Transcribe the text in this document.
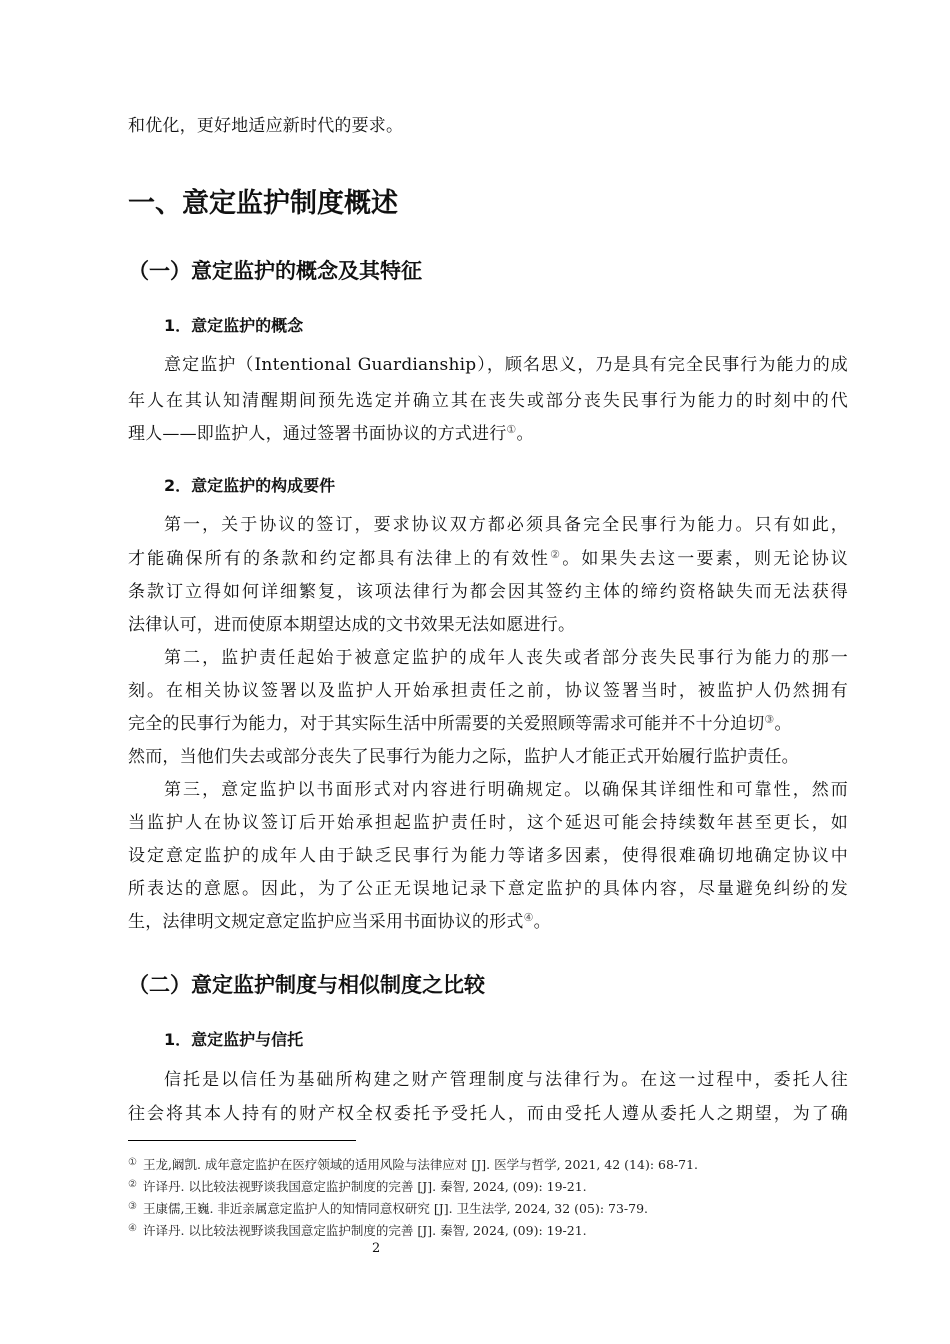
和优化，更好地适应新时代的要求。
一、意定监护制度概述
（一）意定监护的概念及其特征
1．意定监护的概念
意定监护（Intentional Guardianship），顾名思义，乃是具有完全民事行为能力的成
年人在其认知清醒期间预先选定并确立其在丧失或部分丧失民事行为能力的时刻中的代
理人——即监护人，通过签署书面协议的方式进行①。
2．意定监护的构成要件
第一，关于协议的签订，要求协议双方都必须具备完全民事行为能力。只有如此，
才能确保所有的条款和约定都具有法律上的有效性②。如果失去这一要素，则无论协议
条款订立得如何详细繁复，该项法律行为都会因其签约主体的缔约资格缺失而无法获得
法律认可，进而使原本期望达成的文书效果无法如愿进行。
第二，监护责任起始于被意定监护的成年人丧失或者部分丧失民事行为能力的那一
刻。在相关协议签署以及监护人开始承担责任之前，协议签署当时，被监护人仍然拥有
完全的民事行为能力，对于其实际生活中所需要的关爱照顾等需求可能并不十分迫切③。
然而，当他们失去或部分丧失了民事行为能力之际，监护人才能正式开始履行监护责任。
第三，意定监护以书面形式对内容进行明确规定。以确保其详细性和可靠性，然而
当监护人在协议签订后开始承担起监护责任时，这个延迟可能会持续数年甚至更长，如
设定意定监护的成年人由于缺乏民事行为能力等诸多因素，使得很难确切地确定协议中
所表达的意愿。因此，为了公正无误地记录下意定监护的具体内容，尽量避免纠纷的发
生，法律明文规定意定监护应当采用书面协议的形式④。
（二）意定监护制度与相似制度之比较
1．意定监护与信托
信托是以信任为基础所构建之财产管理制度与法律行为。在这一过程中，委托人往
往会将其本人持有的财产权全权委托予受托人，而由受托人遵从委托人之期望，为了确
① 王龙,阚凯. 成年意定监护在医疗领域的适用风险与法律应对 [J]. 医学与哲学, 2021, 42 (14): 68-71.
② 许译丹. 以比较法视野谈我国意定监护制度的完善 [J]. 秦智, 2024, (09): 19-21.
③ 王康儒,王巍. 非近亲属意定监护人的知情同意权研究 [J]. 卫生法学, 2024, 32 (05): 73-79.
④ 许译丹. 以比较法视野谈我国意定监护制度的完善 [J]. 秦智, 2024, (09): 19-21.
2
